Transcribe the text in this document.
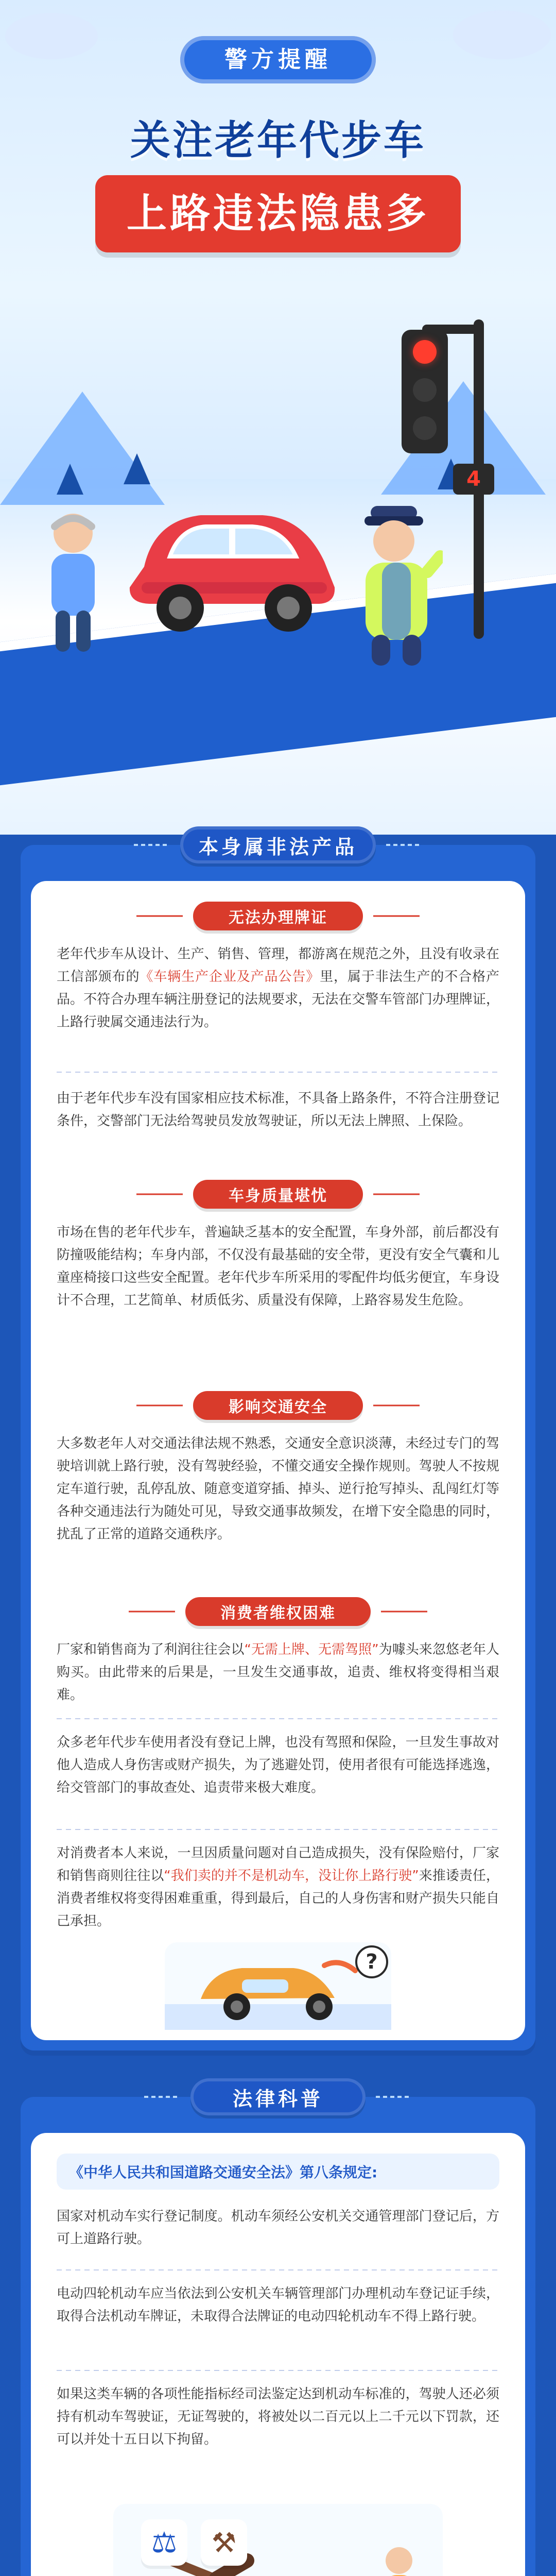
警方提醒
关注老年代步车
上路违法隐患多
4
本身属非法产品
无法办理牌证
老年代步车从设计、生产、销售、管理，都游离在规范之外，且没有收录在工信部颁布的《车辆生产企业及产品公告》里，属于非法生产的不合格产品。不符合办理车辆注册登记的法规要求，无法在交警车管部门办理牌证，上路行驶属交通违法行为。
由于老年代步车没有国家相应技术标准，不具备上路条件，不符合注册登记条件，交警部门无法给驾驶员发放驾驶证，所以无法上牌照、上保险。
车身质量堪忧
市场在售的老年代步车，普遍缺乏基本的安全配置，车身外部，前后都没有防撞吸能结构；车身内部，不仅没有最基础的安全带，更没有安全气囊和儿童座椅接口这些安全配置。老年代步车所采用的零配件均低劣便宜，车身设计不合理，工艺简单、材质低劣、质量没有保障，上路容易发生危险。
影响交通安全
大多数老年人对交通法律法规不熟悉，交通安全意识淡薄，未经过专门的驾驶培训就上路行驶，没有驾驶经验，不懂交通安全操作规则。驾驶人不按规定车道行驶，乱停乱放、随意变道穿插、掉头、逆行抢写掉头、乱闯红灯等各种交通违法行为随处可见，导致交通事故频发，在增下安全隐患的同时，扰乱了正常的道路交通秩序。
消费者维权困难
厂家和销售商为了利润往往会以“无需上牌、无需驾照”为噱头来忽悠老年人购买。由此带来的后果是，一旦发生交通事故，追责、维权将变得相当艰难。
众多老年代步车使用者没有登记上牌，也没有驾照和保险，一旦发生事故对他人造成人身伤害或财产损失，为了逃避处罚，使用者很有可能选择逃逸，给交管部门的事故查处、追责带来极大难度。
对消费者本人来说，一旦因质量问题对自己造成损失，没有保险赔付，厂家和销售商则往往以“我们卖的并不是机动车，没让你上路行驶”来推诿责任，消费者维权将变得困难重重，得到最后，自己的人身伤害和财产损失只能自己承担。
?
法律科普
《中华人民共和国道路交通安全法》第八条规定:
国家对机动车实行登记制度。机动车须经公安机关交通管理部门登记后，方可上道路行驶。
电动四轮机动车应当依法到公安机关车辆管理部门办理机动车登记证手续，取得合法机动车牌证，未取得合法牌证的电动四轮机动车不得上路行驶。
如果这类车辆的各项性能指标经司法鉴定达到机动车标准的，驾驶人还必须持有机动车驾驶证，无证驾驶的，将被处以二百元以上二千元以下罚款，还可以并处十五日以下拘留。
⚖	⚒
